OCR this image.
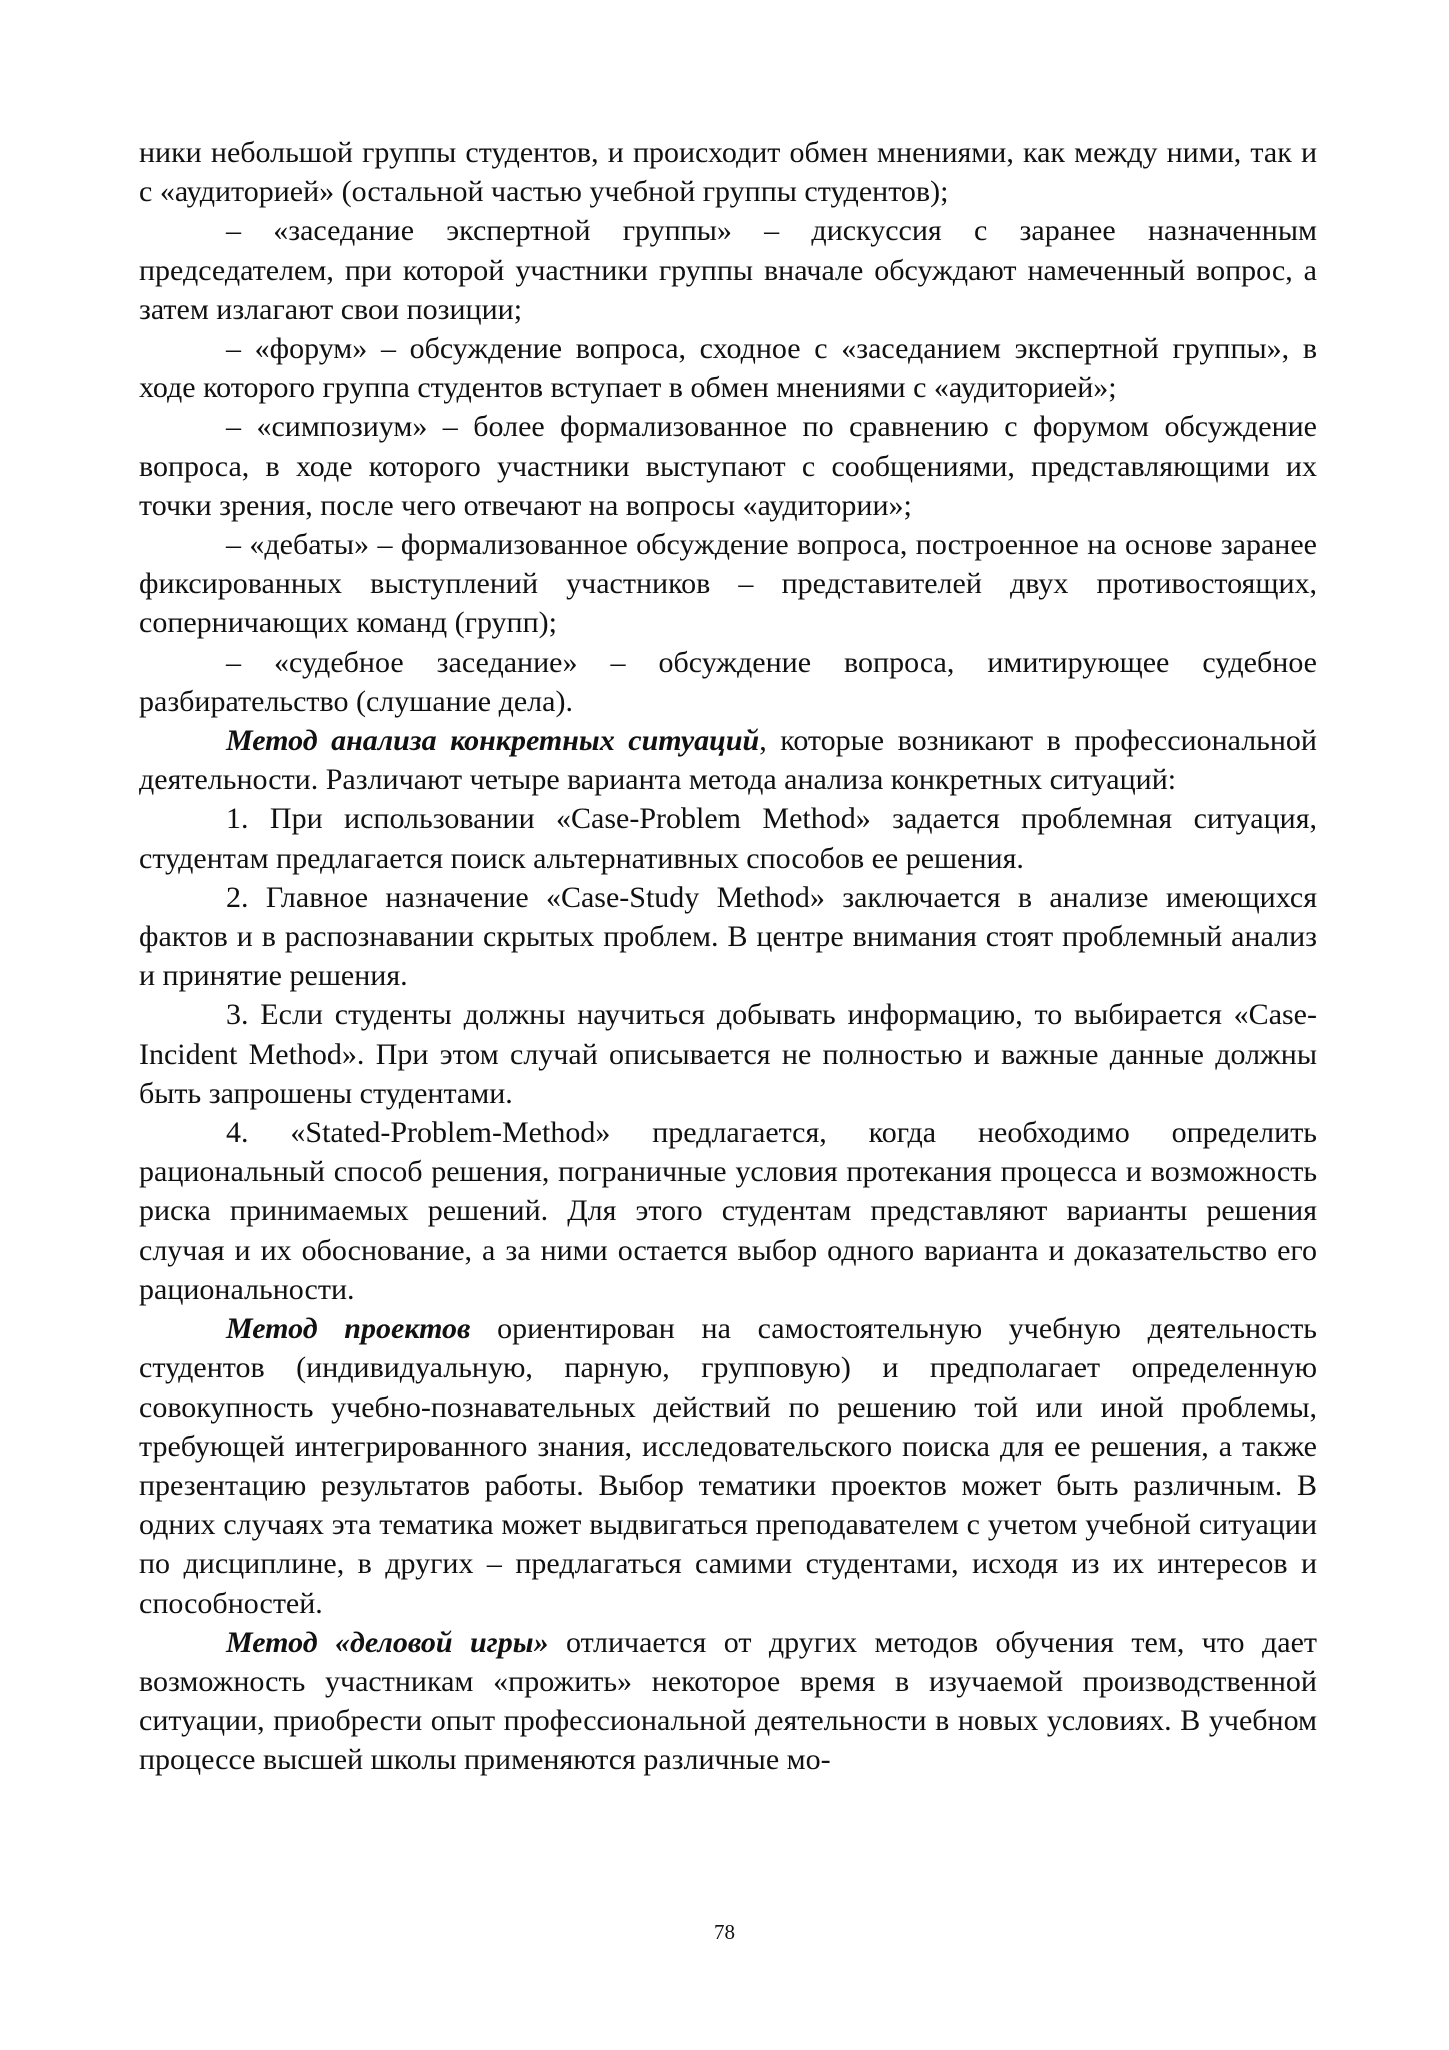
ники небольшой группы студентов, и происходит обмен мнениями, как между ними, так и с «аудиторией» (остальной частью учебной группы студентов);

– «заседание экспертной группы» – дискуссия с заранее назначенным председателем, при которой участники группы вначале обсуждают намеченный вопрос, а затем излагают свои позиции;

– «форум» – обсуждение вопроса, сходное с «заседанием экспертной группы», в ходе которого группа студентов вступает в обмен мнениями с «аудиторией»;

– «симпозиум» – более формализованное по сравнению с форумом обсуждение вопроса, в ходе которого участники выступают с сообщениями, представляющими их точки зрения, после чего отвечают на вопросы «аудитории»;

– «дебаты» – формализованное обсуждение вопроса, построенное на основе заранее фиксированных выступлений участников – представителей двух противостоящих, соперничающих команд (групп);

– «судебное заседание» – обсуждение вопроса, имитирующее судебное разбирательство (слушание дела).

Метод анализа конкретных ситуаций, которые возникают в профессиональной деятельности. Различают четыре варианта метода анализа конкретных ситуаций:

1. При использовании «Case-Problem Method» задается проблемная ситуация, студентам предлагается поиск альтернативных способов ее решения.

2. Главное назначение «Case-Study Method» заключается в анализе имеющихся фактов и в распознавании скрытых проблем. В центре внимания стоят проблемный анализ и принятие решения.

3. Если студенты должны научиться добывать информацию, то выбирается «Case-Incident Method». При этом случай описывается не полностью и важные данные должны быть запрошены студентами.

4. «Stated-Problem-Method» предлагается, когда необходимо определить рациональный способ решения, пограничные условия протекания процесса и возможность риска принимаемых решений. Для этого студентам представляют варианты решения случая и их обоснование, а за ними остается выбор одного варианта и доказательство его рациональности.

Метод проектов ориентирован на самостоятельную учебную деятельность студентов (индивидуальную, парную, групповую) и предполагает определенную совокупность учебно-познавательных действий по решению той или иной проблемы, требующей интегрированного знания, исследовательского поиска для ее решения, а также презентацию результатов работы. Выбор тематики проектов может быть различным. В одних случаях эта тематика может выдвигаться преподавателем с учетом учебной ситуации по дисциплине, в других – предлагаться самими студентами, исходя из их интересов и способностей.

Метод «деловой игры» отличается от других методов обучения тем, что дает возможность участникам «прожить» некоторое время в изучаемой производственной ситуации, приобрести опыт профессиональной деятельности в новых условиях. В учебном процессе высшей школы применяются различные мо-

78
